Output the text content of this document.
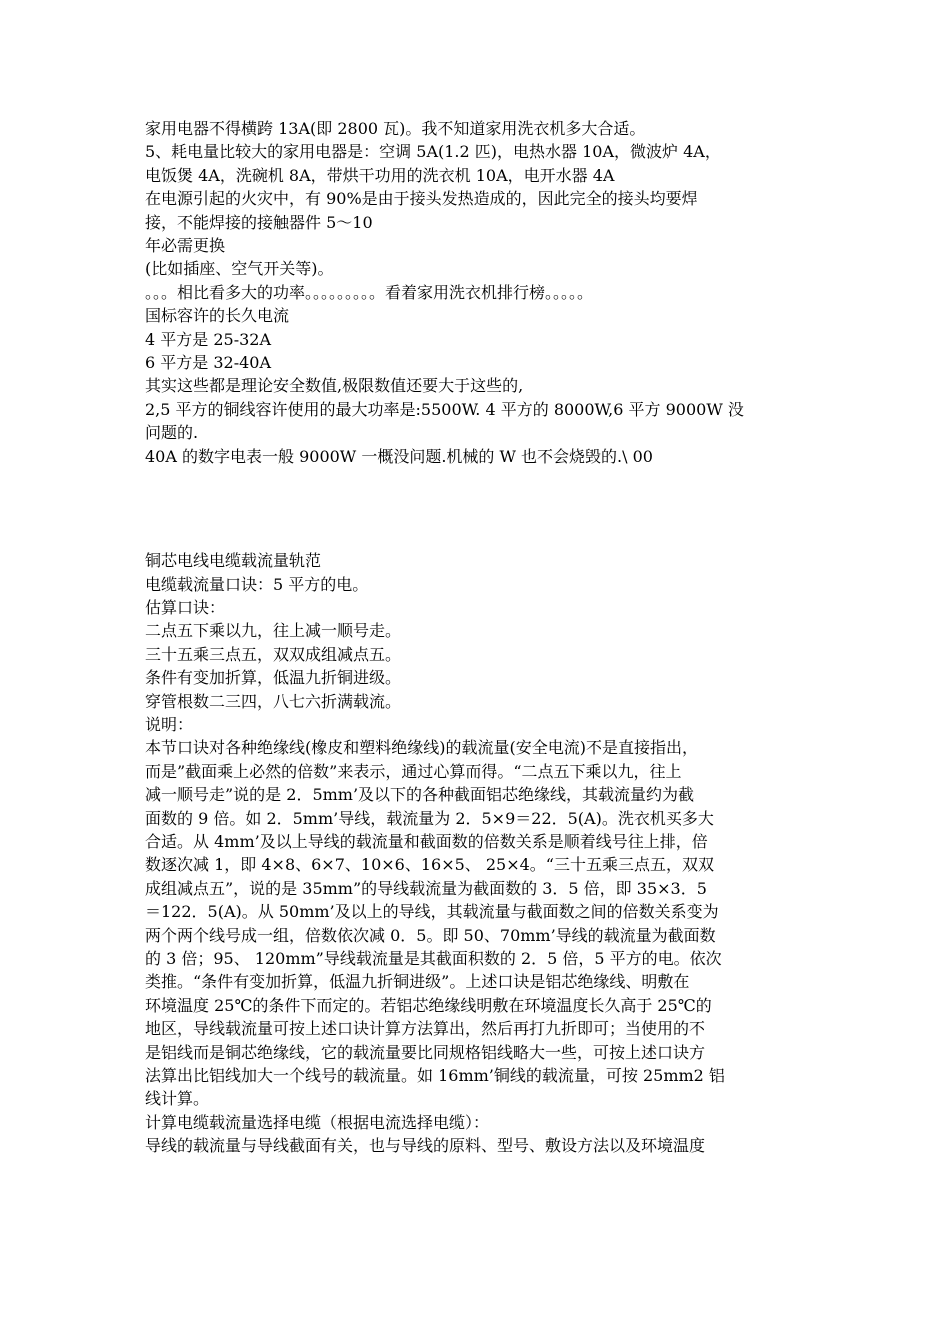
家用电器不得横跨 13A(即 2800 瓦)。我不知道家用洗衣机多大合适。
5、耗电量比较大的家用电器是：空调 5A(1.2 匹)，电热水器 10A，微波炉 4A，
电饭煲 4A，洗碗机 8A，带烘干功用的洗衣机 10A，电开水器 4A
在电源引起的火灾中，有 90%是由于接头发热造成的，因此完全的接头均要焊
接，不能焊接的接触器件 5～10
年必需更换
(比如插座、空气开关等)。
。。。相比看多大的功率。。。。。。。。。看着家用洗衣机排行榜。。。。。
国标容许的长久电流
4 平方是 25-32A
6 平方是 32-40A
其实这些都是理论安全数值,极限数值还要大于这些的,
2,5 平方的铜线容许使用的最大功率是:5500W. 4 平方的 8000W,6 平方 9000W 没
问题的.
40A 的数字电表一般 9000W 一概没问题.机械的 W 也不会烧毁的.\ 00
铜芯电线电缆载流量轨范
电缆载流量口诀：5 平方的电。
估算口诀：
二点五下乘以九，往上减一顺号走。
三十五乘三点五，双双成组减点五。
条件有变加折算，低温九折铜进级。
穿管根数二三四，八七六折满载流。
说明：
本节口诀对各种绝缘线(橡皮和塑料绝缘线)的载流量(安全电流)不是直接指出，
而是”截面乘上必然的倍数”来表示，通过心算而得。“二点五下乘以九，往上
减一顺号走”说的是 2．5mm’及以下的各种截面铝芯绝缘线，其载流量约为截
面数的 9 倍。如 2．5mm’导线，载流量为 2．5×9＝22．5(A)。洗衣机买多大
合适。从 4mm’及以上导线的载流量和截面数的倍数关系是顺着线号往上排，倍
数逐次减 1，即 4×8、6×7、10×6、16×5、 25×4。“三十五乘三点五，双双
成组减点五”，说的是 35mm”的导线载流量为截面数的 3．5 倍，即 35×3．5
＝122．5(A)。从 50mm’及以上的导线，其载流量与截面数之间的倍数关系变为
两个两个线号成一组，倍数依次减 0．5。即 50、70mm’导线的载流量为截面数
的 3 倍；95、 120mm”导线载流量是其截面积数的 2．5 倍，5 平方的电。依次
类推。“条件有变加折算，低温九折铜进级”。上述口诀是铝芯绝缘线、明敷在
环境温度 25℃的条件下而定的。若铝芯绝缘线明敷在环境温度长久高于 25℃的
地区，导线载流量可按上述口诀计算方法算出，然后再打九折即可；当使用的不
是铝线而是铜芯绝缘线，它的载流量要比同规格铝线略大一些，可按上述口诀方
法算出比铝线加大一个线号的载流量。如 16mm’铜线的载流量，可按 25mm2 铝
线计算。
计算电缆载流量选择电缆（根据电流选择电缆）：
导线的载流量与导线截面有关，也与导线的原料、型号、敷设方法以及环境温度
